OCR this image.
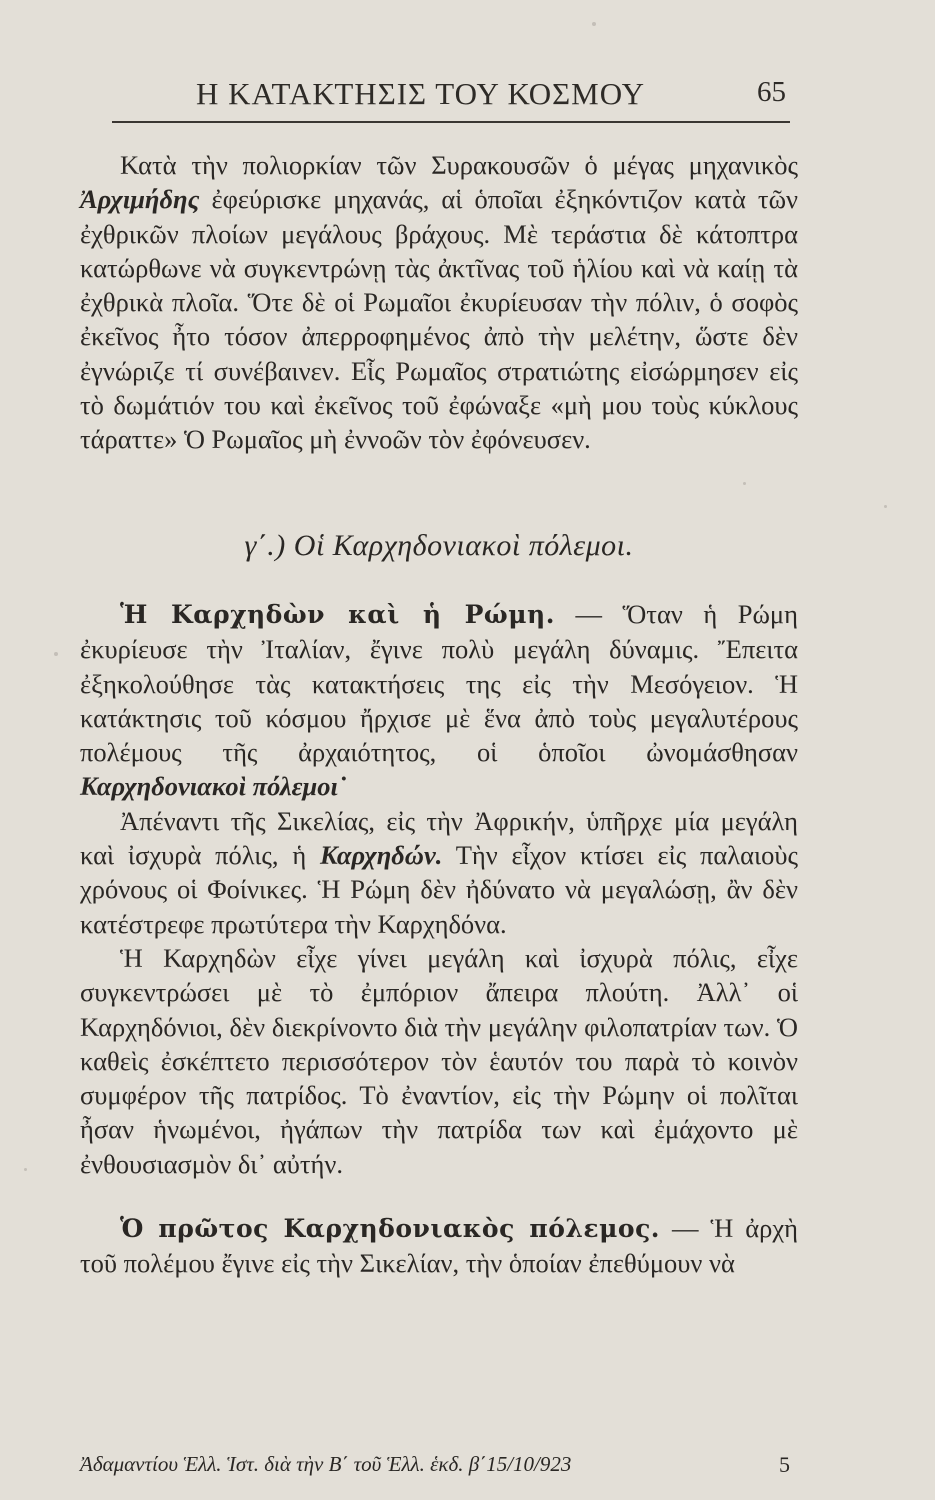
Η ΚΑΤΑΚΤΗΣΙΣ ΤΟΥ ΚΟΣΜΟΥ	65

Κατὰ τὴν πολιορκίαν τῶν Συρακουσῶν ὁ μέγας μηχανικὸς Ἀρχιμήδης ἐφεύρισκε μηχανάς, αἱ ὁποῖαι ἐξηκόντιζον κατὰ τῶν ἐχθρικῶν πλοίων μεγάλους βράχους. Μὲ τεράστια δὲ κάτοπτρα κατώρθωνε νὰ συγκεντρώνῃ τὰς ἀκτῖνας τοῦ ἡλίου καὶ νὰ καίῃ τὰ ἐχθρικὰ πλοῖα. Ὅτε δὲ οἱ Ρωμαῖοι ἐκυρίευσαν τὴν πόλιν, ὁ σοφὸς ἐκεῖνος ἦτο τόσον ἀπερροφημένος ἀπὸ τὴν μελέτην, ὥστε δὲν ἐγνώριζε τί συνέβαινεν. Εἷς Ρωμαῖος στρατιώτης εἰσώρμησεν εἰς τὸ δωμάτιόν του καὶ ἐκεῖνος τοῦ ἐφώναξε «μὴ μου τοὺς κύκλους τάραττε» Ὁ Ρωμαῖος μὴ ἐννοῶν τὸν ἐφόνευσεν.

γ΄.) Οἱ Καρχηδονιακοὶ πόλεμοι.

Ἡ Καρχηδὼν καὶ ἡ Ρώμη. — Ὅταν ἡ Ρώμη ἐκυρίευσε τὴν Ἰταλίαν, ἔγινε πολὺ μεγάλη δύναμις. Ἔπειτα ἐξηκολούθησε τὰς κατακτήσεις της εἰς τὴν Μεσόγειον. Ἡ κατάκτησις τοῦ κόσμου ἤρχισε μὲ ἕνα ἀπὸ τοὺς μεγαλυτέρους πολέμους τῆς ἀρχαιότητος, οἱ ὁποῖοι ὠνομάσθησαν Καρχηδονιακοὶ πόλεμοι˙

Ἀπέναντι τῆς Σικελίας, εἰς τὴν Ἀφρικήν, ὑπῆρχε μία μεγάλη καὶ ἰσχυρὰ πόλις, ἡ Καρχηδών. Τὴν εἶχον κτίσει εἰς παλαιοὺς χρόνους οἱ Φοίνικες. Ἡ Ρώμη δὲν ἠδύνατο νὰ μεγαλώσῃ, ἂν δὲν κατέστρεφε πρωτύτερα τὴν Καρχηδόνα.

Ἡ Καρχηδὼν εἶχε γίνει μεγάλη καὶ ἰσχυρὰ πόλις, εἶχε συγκεντρώσει μὲ τὸ ἐμπόριον ἄπειρα πλούτη. Ἀλλ᾽ οἱ Καρχηδόνιοι, δὲν διεκρίνοντο διὰ τὴν μεγάλην φιλοπατρίαν των. Ὁ καθεὶς ἐσκέπτετο περισσότερον τὸν ἑαυτόν του παρὰ τὸ κοινὸν συμφέρον τῆς πατρίδος. Τὸ ἐναντίον, εἰς τὴν Ρώμην οἱ πολῖται ἦσαν ἡνωμένοι, ἠγάπων τὴν πατρίδα των καὶ ἐμάχοντο μὲ ἐνθουσιασμὸν δι᾽ αὐτήν.

Ὁ πρῶτος Καρχηδονιακὸς πόλεμος. — Ἡ ἀρχὴ τοῦ πολέμου ἔγινε εἰς τὴν Σικελίαν, τὴν ὁποίαν ἐπεθύμουν νὰ

Ἀδαμαντίου Ἑλλ. Ἱστ. διὰ τὴν Β΄ τοῦ Ἑλλ. ἑκδ. β΄15/10/923	5
